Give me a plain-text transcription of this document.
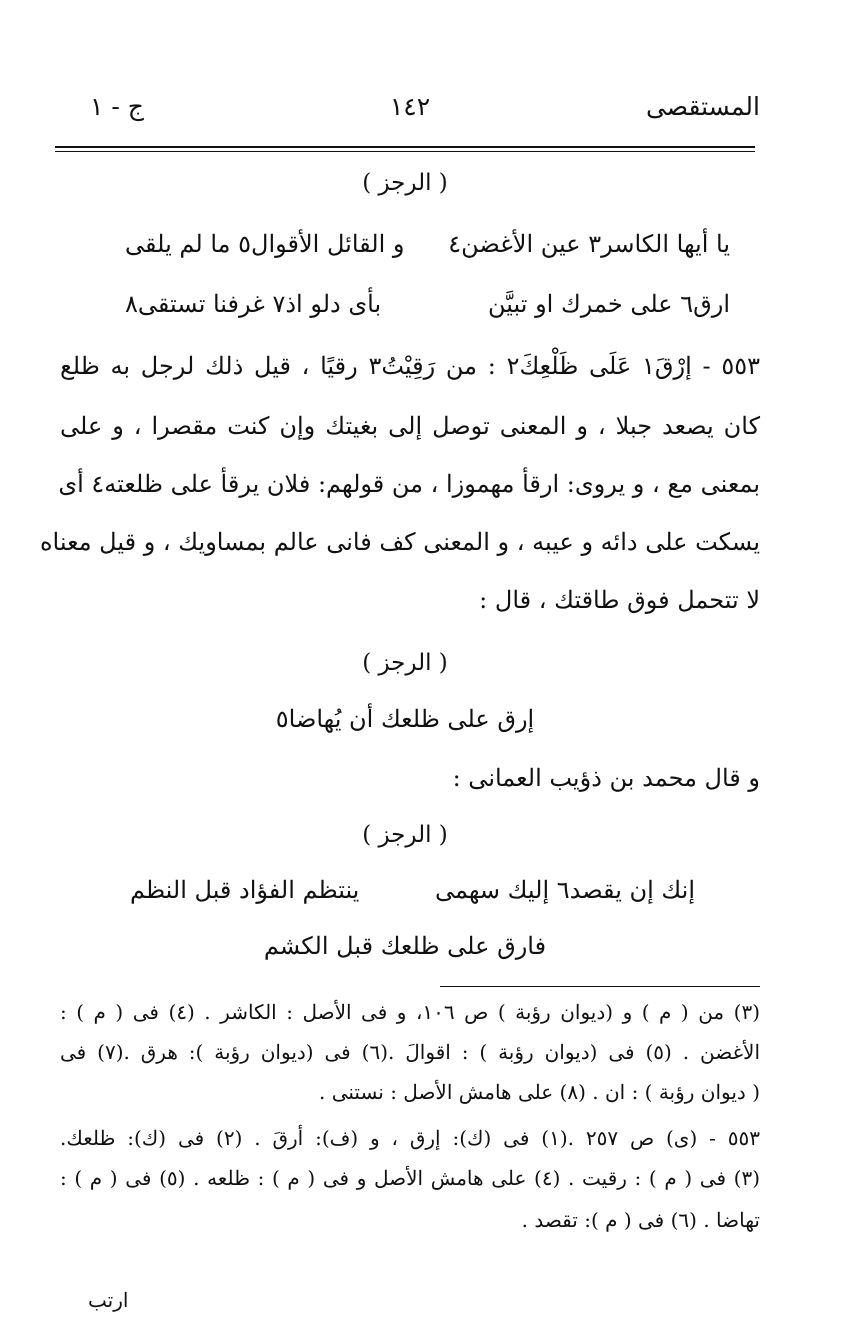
المستقصى
١٤٢
ج - ١
( الرجز )
يا أيها الكاسر٣ عين الأغضن٤
و القائل الأقوال٥ ما لم يلقى
ارق٦ على خمرك او تبيَّن
بأى دلو اذ٧ غرفنا تستقى٨
٥٥٣ - إرْقَ١ عَلَى ظَلْعِكَ٢ : من رَقِيْتُ٣ رقيًا ، قيل ذلك لرجل به ظلع
كان يصعد جبلا ، و المعنى توصل إلى بغيتك وإن كنت مقصرا ، و على
بمعنى مع ، و يروى: ارقأ مهموزا ، من قولهم: فلان يرقأ على ظلعته٤ أى
يسكت على دائه و عيبه ، و المعنى كف فانى عالم بمساويك ، و قيل معناه
لا تتحمل فوق طاقتك ، قال :
( الرجز )
إرق على ظلعك أن يُهاضا٥
و قال محمد بن ذؤيب العمانى :
( الرجز )
إنك إن يقصد٦ إليك سهمى
ينتظم الفؤاد قبل النظم
فارق على ظلعك قبل الكشم
(٣) من ( م ) و (ديوان رؤبة ) ص ١٠٦، و فى الأصل : الكاشر . (٤) فى ( م ) :
الأغضن . (٥) فى (ديوان رؤبة ) : اقوالَ .(٦) فى (ديوان رؤبة ): هرق .(٧) فى
( ديوان رؤبة ) : ان . (٨) على هامش الأصل : نستنى .
٥٥٣ - (ى) ص ٢٥٧ .(١) فى (ك): إرق ، و (ف): أرقَ . (٢) فى (ك): ظلعك.
(٣) فى ( م ) : رقيت . (٤) على هامش الأصل و فى ( م ) : ظلعه . (٥) فى ( م ) :
تهاضا . (٦) فى ( م ): تقصد .
ارتب
